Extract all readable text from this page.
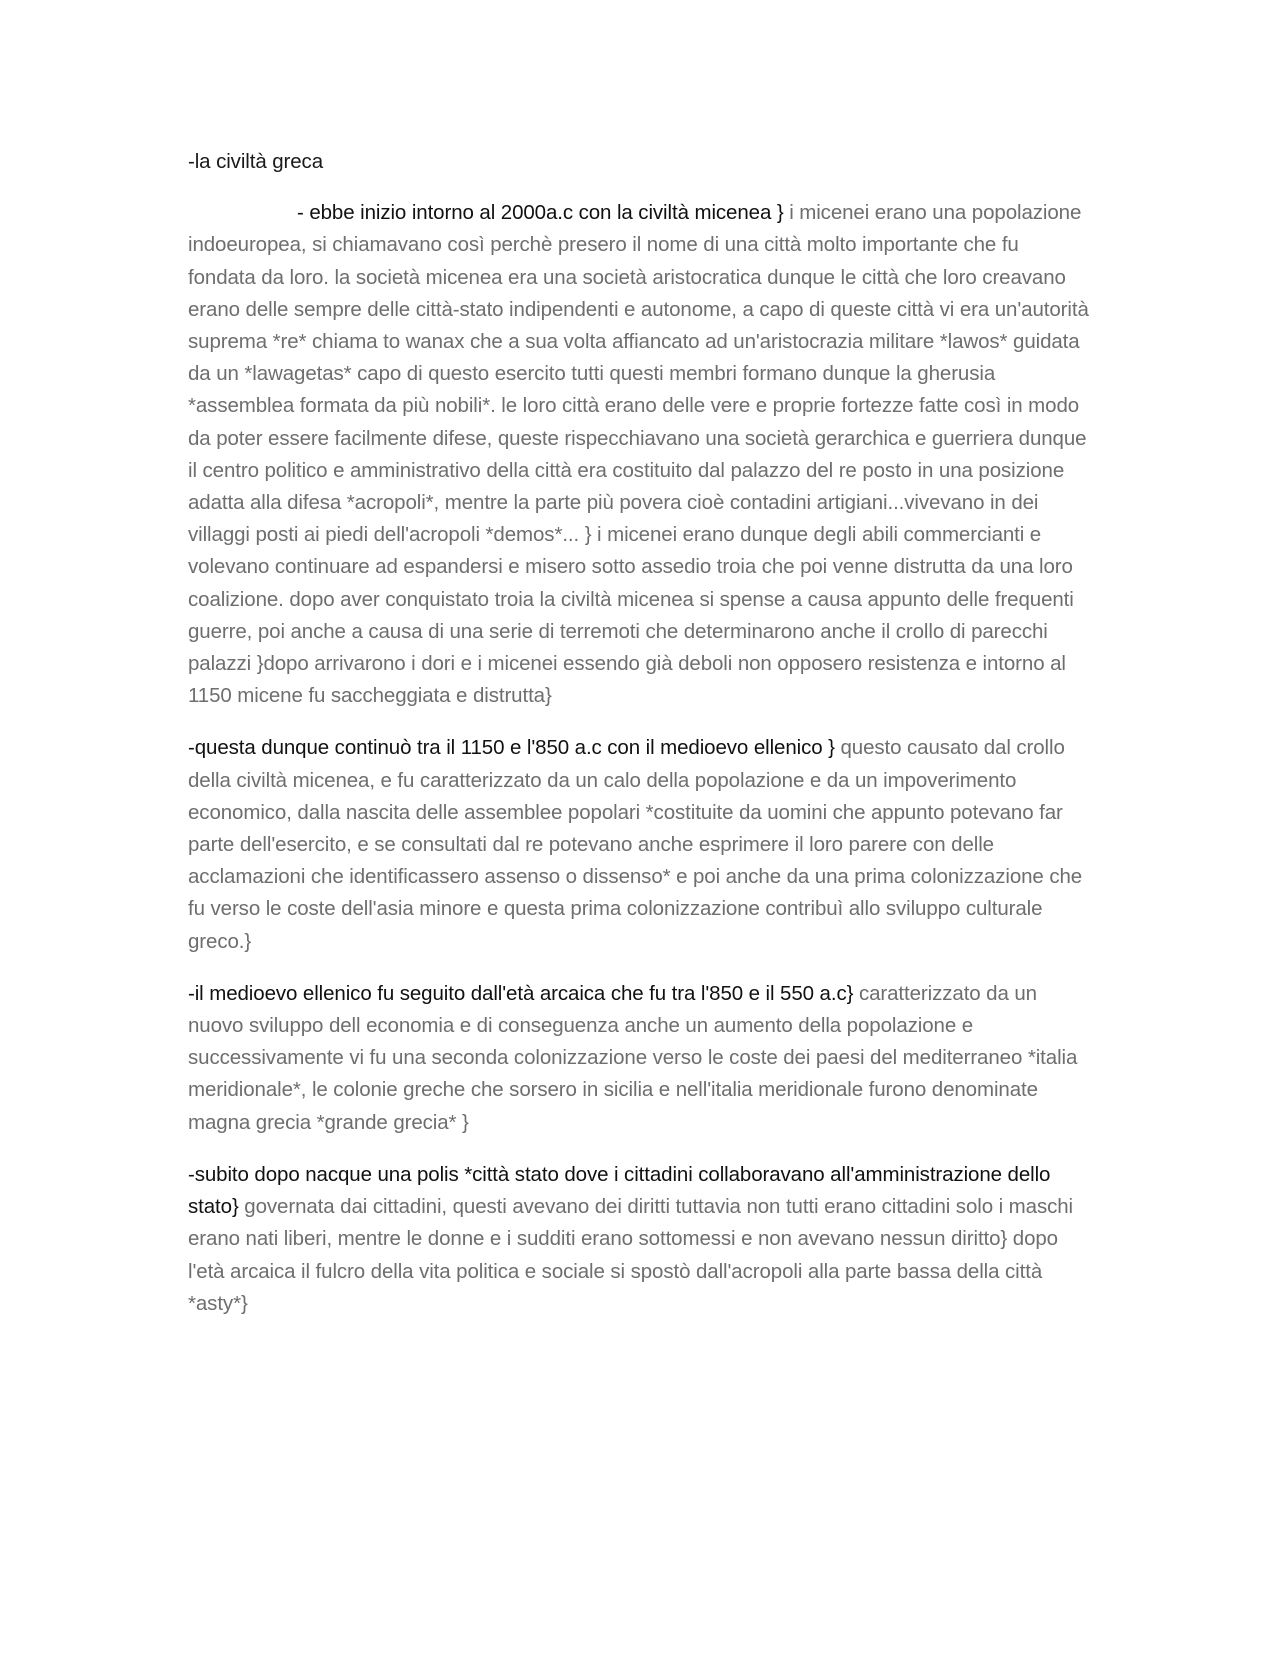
-la civiltà greca

- ebbe inizio intorno al 2000a.c con la civiltà micenea } i micenei erano una popolazione indoeuropea, si chiamavano così perchè presero il nome di una città molto importante che fu fondata da loro. la società micenea era una società aristocratica dunque le città che loro creavano erano delle sempre delle città-stato indipendenti e autonome, a capo di queste città vi era un'autorità suprema *re* chiama to wanax che a sua volta affiancato ad un'aristocrazia militare *lawos* guidata da un *lawagetas* capo di questo esercito tutti questi membri formano dunque la gherusia *assemblea formata da più nobili*. le loro città erano delle vere e proprie fortezze fatte così in modo da poter essere facilmente difese, queste rispecchiavano una società gerarchica e guerriera dunque il centro politico e amministrativo della città era costituito dal palazzo del re posto in una posizione adatta alla difesa *acropoli*, mentre la parte più povera cioè contadini artigiani...vivevano in dei villaggi posti ai piedi dell'acropoli *demos*... } i micenei erano dunque degli abili commercianti e volevano continuare ad espandersi e misero sotto assedio troia che poi venne distrutta da una loro coalizione. dopo aver conquistato troia la civiltà micenea si spense a causa appunto delle frequenti guerre, poi anche a causa di una serie di terremoti che determinarono anche il crollo di parecchi palazzi }dopo arrivarono i dori e i micenei essendo già deboli non opposero resistenza e intorno al 1150 micene fu saccheggiata e distrutta}

-questa dunque continuò tra il 1150 e l'850 a.c con il medioevo ellenico } questo causato dal crollo della civiltà micenea, e fu caratterizzato da un calo della popolazione e da un impoverimento economico, dalla nascita delle assemblee popolari *costituite da uomini che appunto potevano far parte dell'esercito, e se consultati dal re potevano anche esprimere il loro parere con delle acclamazioni che identificassero assenso o dissenso* e poi anche da una prima colonizzazione che fu verso le coste dell'asia minore e questa prima colonizzazione contribuì allo sviluppo culturale greco.}

-il medioevo ellenico fu seguito dall'età arcaica che fu tra l'850 e il 550 a.c} caratterizzato da un nuovo sviluppo dell economia e di conseguenza anche un aumento della popolazione e successivamente vi fu una seconda colonizzazione verso le coste dei paesi del mediterraneo *italia meridionale*, le colonie greche che sorsero in sicilia e nell'italia meridionale furono denominate magna grecia *grande grecia* }

-subito dopo nacque una polis *città stato dove i cittadini collaboravano all'amministrazione dello stato} governata dai cittadini, questi avevano dei diritti tuttavia non tutti erano cittadini solo i maschi erano nati liberi, mentre le donne e i sudditi erano sottomessi e non avevano nessun diritto} dopo l'età arcaica il fulcro della vita politica e sociale si spostò dall'acropoli alla parte bassa della città *asty*}
